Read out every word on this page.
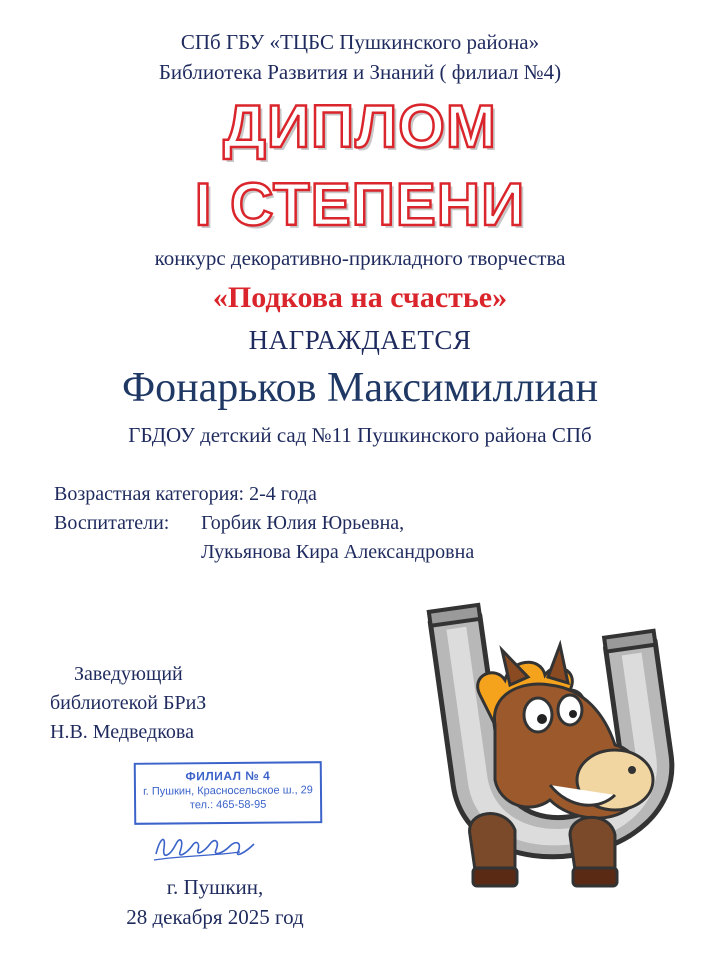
СПб ГБУ «ТЦБС Пушкинского района»
Библиотека Развития и Знаний ( филиал №4)
ДИПЛОМ
I СТЕПЕНИ
конкурс декоративно-прикладного творчества
«Подкова на счастье»
НАГРАЖДАЕТСЯ
Фонарьков Максимиллиан
ГБДОУ детский сад №11 Пушкинского района СПб
Возрастная категория: 2-4 года
Воспитатели: Горбик Юлия Юрьевна,
Лукьянова Кира Александровна
Заведующий
библиотекой БРиЗ
Н.В. Медведкова
ФИЛИАЛ № 4
г. Пушкин, Красносельское ш., 29
тел.: 465-58-95
г. Пушкин,
28 декабря 2025 год
